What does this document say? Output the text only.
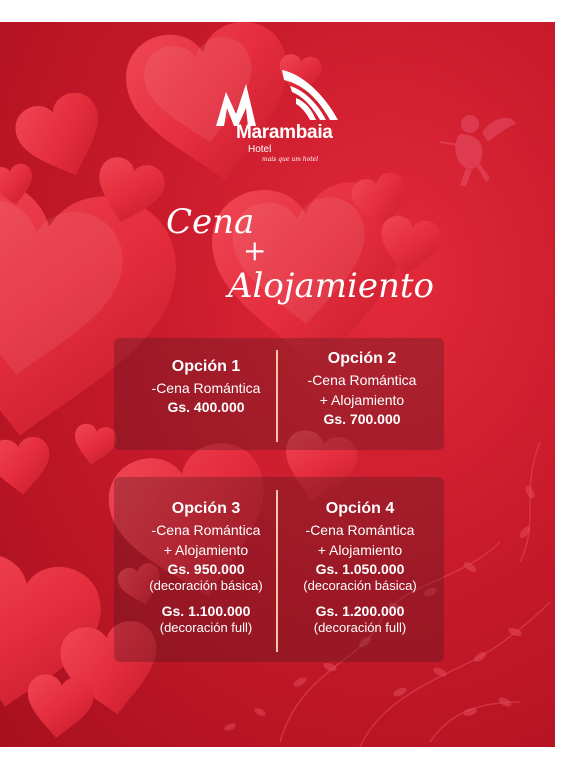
Marambaia
Hotel
mais que um hotel
Cena
+
Alojamiento
Opción 1
-Cena Romántica
Gs. 400.000
Opción 2
-Cena Romántica
+ Alojamiento
Gs. 700.000
Opción 3
-Cena Romántica
+ Alojamiento
Gs. 950.000
(decoración básica)
Gs. 1.100.000
(decoración full)
Opción 4
-Cena Romántica
+ Alojamiento
Gs. 1.050.000
(decoración básica)
Gs. 1.200.000
(decoración full)
